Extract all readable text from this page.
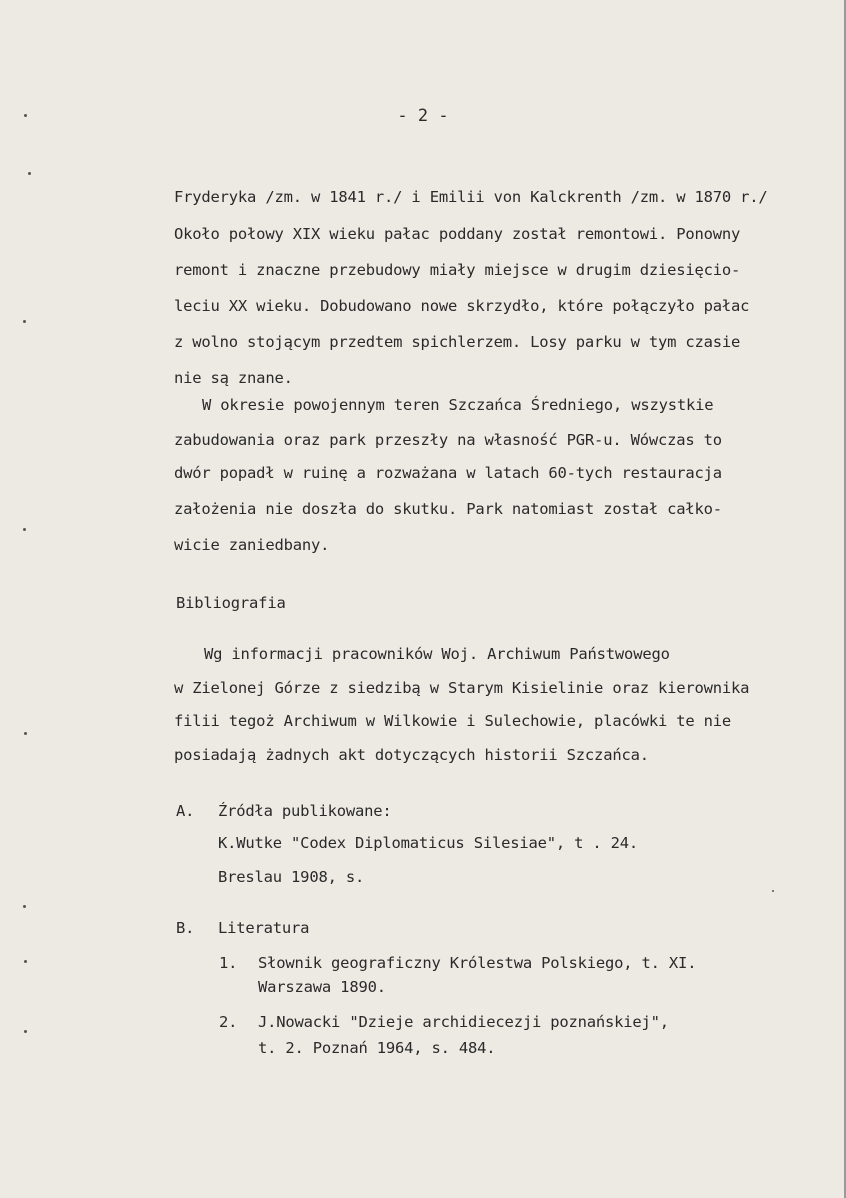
- 2 -
Fryderyka /zm. w 1841 r./ i Emilii von Kalckrenth /zm. w 1870 r./
Około połowy XIX wieku pałac poddany został remontowi. Ponowny
remont i znaczne przebudowy miały miejsce w drugim dziesięcio-
leciu XX wieku. Dobudowano nowe skrzydło, które połączyło pałac
z wolno stojącym przedtem spichlerzem. Losy parku w tym czasie
nie są znane.
W okresie powojennym teren Szczańca Średniego, wszystkie
zabudowania oraz park przeszły na własność PGR-u. Wówczas to
dwór popadł w ruinę a rozważana w latach 60-tych restauracja
założenia nie doszła do skutku. Park natomiast został całko-
wicie zaniedbany.
Bibliografia
Wg informacji pracowników Woj. Archiwum Państwowego
w Zielonej Górze z siedzibą w Starym Kisielinie oraz kierownika
filii tegoż Archiwum w Wilkowie i Sulechowie, placówki te nie
posiadają żadnych akt dotyczących historii Szczańca.
A. Źródła publikowane:
K.Wutke "Codex Diplomaticus Silesiae", t . 24.
Breslau 1908, s.
B. Literatura
1. Słownik geograficzny Królestwa Polskiego, t. XI.
Warszawa 1890.
2. J.Nowacki "Dzieje archidiecezji poznańskiej",
t. 2. Poznań 1964, s. 484.
